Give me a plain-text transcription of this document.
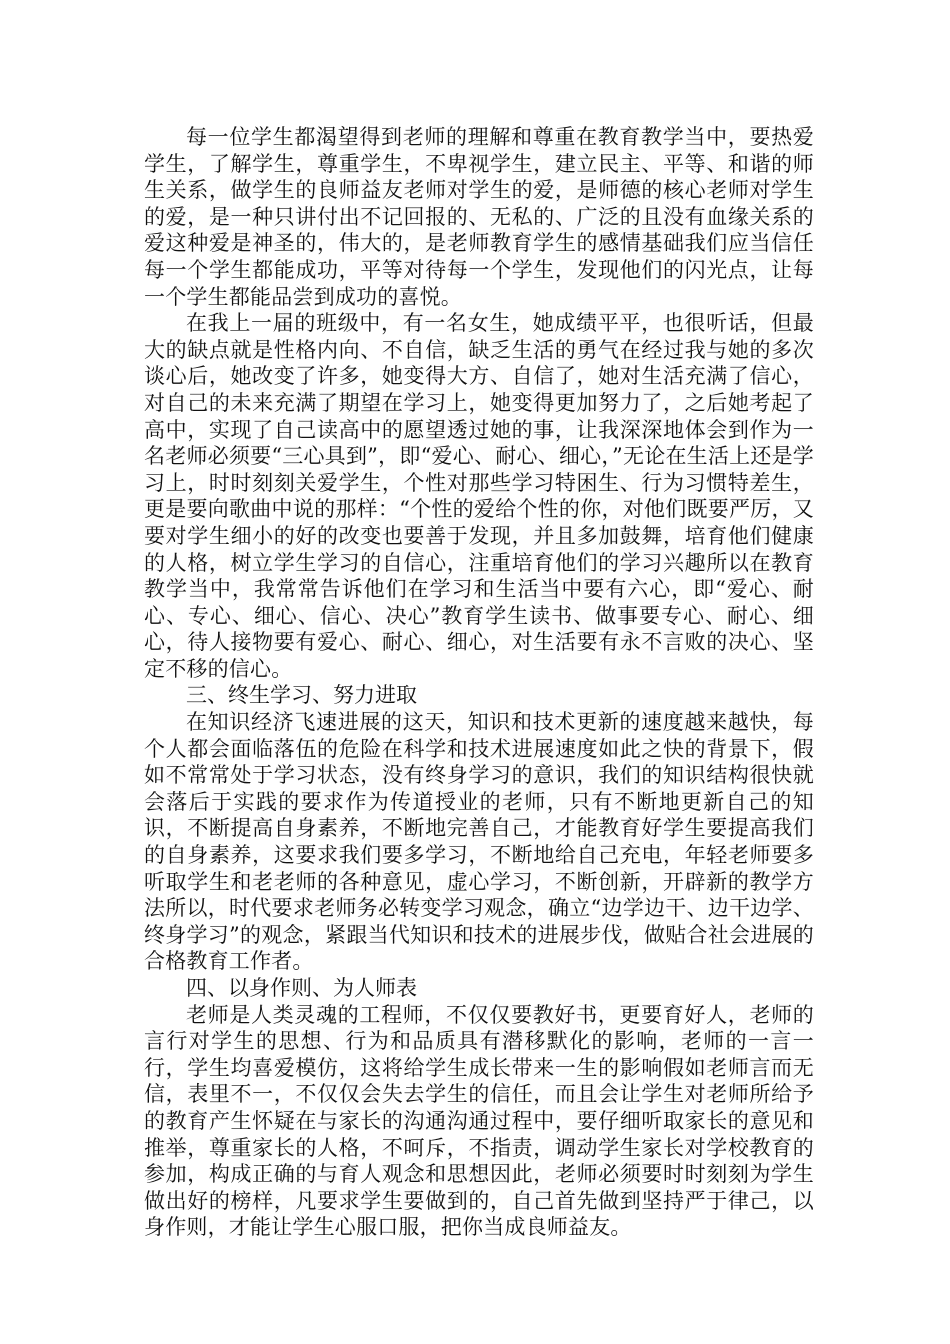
每一位学生都渴望得到老师的理解和尊重在教育教学当中，要热爱学生，了解学生，尊重学生，不卑视学生，建立民主、平等、和谐的师生关系，做学生的良师益友老师对学生的爱，是师德的核心老师对学生的爱，是一种只讲付出不记回报的、无私的、广泛的且没有血缘关系的爱这种爱是神圣的，伟大的，是老师教育学生的感情基础我们应当信任每一个学生都能成功，平等对待每一个学生，发现他们的闪光点，让每一个学生都能品尝到成功的喜悦。

在我上一届的班级中，有一名女生，她成绩平平，也很听话，但最大的缺点就是性格内向、不自信，缺乏生活的勇气在经过我与她的多次谈心后，她改变了许多，她变得大方、自信了，她对生活充满了信心，对自己的未来充满了期望在学习上，她变得更加努力了，之后她考起了高中，实现了自己读高中的愿望透过她的事，让我深深地体会到作为一名老师必须要“三心具到”，即“爱心、耐心、细心，”无论在生活上还是学习上，时时刻刻关爱学生，个性对那些学习特困生、行为习惯特差生，更是要向歌曲中说的那样：“个性的爱给个性的你，对他们既要严厉，又要对学生细小的好的改变也要善于发现，并且多加鼓舞，培育他们健康的人格，树立学生学习的自信心，注重培育他们的学习兴趣所以在教育教学当中，我常常告诉他们在学习和生活当中要有六心，即“爱心、耐心、专心、细心、信心、决心”教育学生读书、做事要专心、耐心、细心，待人接物要有爱心、耐心、细心，对生活要有永不言败的决心、坚定不移的信心。

三、终生学习、努力进取

在知识经济飞速进展的这天，知识和技术更新的速度越来越快，每个人都会面临落伍的危险在科学和技术进展速度如此之快的背景下，假如不常常处于学习状态，没有终身学习的意识，我们的知识结构很快就会落后于实践的要求作为传道授业的老师，只有不断地更新自己的知识，不断提高自身素养，不断地完善自己，才能教育好学生要提高我们的自身素养，这要求我们要多学习，不断地给自己充电，年轻老师要多听取学生和老老师的各种意见，虚心学习，不断创新，开辟新的教学方法所以，时代要求老师务必转变学习观念，确立“边学边干、边干边学、终身学习”的观念，紧跟当代知识和技术的进展步伐，做贴合社会进展的合格教育工作者。

四、以身作则、为人师表

老师是人类灵魂的工程师，不仅仅要教好书，更要育好人，老师的言行对学生的思想、行为和品质具有潜移默化的影响，老师的一言一行，学生均喜爱模仿，这将给学生成长带来一生的影响假如老师言而无信，表里不一，不仅仅会失去学生的信任，而且会让学生对老师所给予的教育产生怀疑在与家长的沟通沟通过程中，要仔细听取家长的意见和推举，尊重家长的人格，不呵斥，不指责，调动学生家长对学校教育的参加，构成正确的与育人观念和思想因此，老师必须要时时刻刻为学生做出好的榜样，凡要求学生要做到的，自己首先做到坚持严于律己，以身作则，才能让学生心服口服，把你当成良师益友。
